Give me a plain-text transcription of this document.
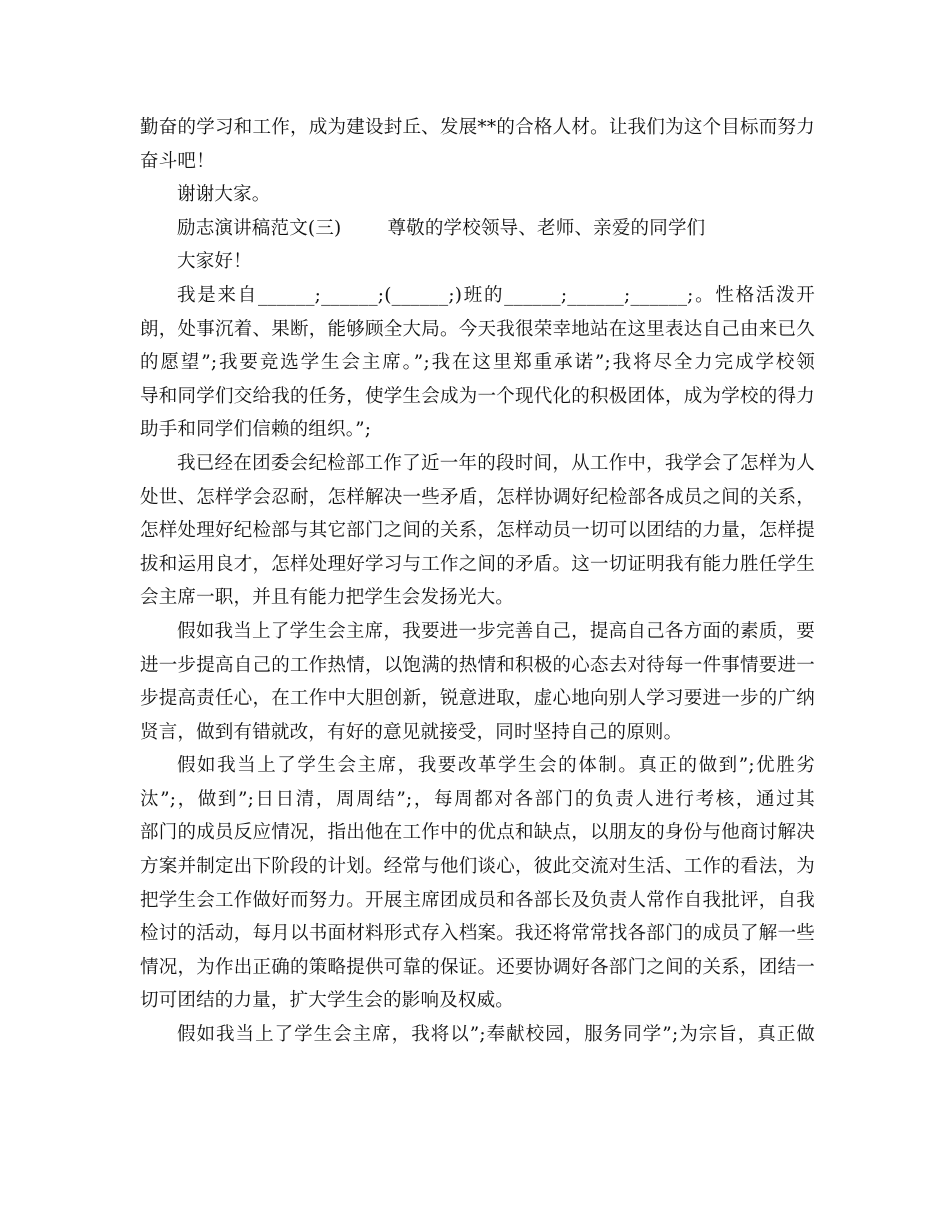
勤奋的学习和工作，成为建设封丘、发展**的合格人材。让我们为这个目标而努力
奋斗吧！
谢谢大家。
励志演讲稿范文(三) 尊敬的学校领导、老师、亲爱的同学们
大家好！
我是来自______;______;(______;)班的______;______;______;。性格活泼开
朗，处事沉着、果断，能够顾全大局。今天我很荣幸地站在这里表达自己由来已久
的愿望”;我要竞选学生会主席。”;我在这里郑重承诺”;我将尽全力完成学校领
导和同学们交给我的任务，使学生会成为一个现代化的积极团体，成为学校的得力
助手和同学们信赖的组织。”;
我已经在团委会纪检部工作了近一年的段时间，从工作中，我学会了怎样为人
处世、怎样学会忍耐，怎样解决一些矛盾，怎样协调好纪检部各成员之间的关系，
怎样处理好纪检部与其它部门之间的关系，怎样动员一切可以团结的力量，怎样提
拔和运用良才，怎样处理好学习与工作之间的矛盾。这一切证明我有能力胜任学生
会主席一职，并且有能力把学生会发扬光大。
假如我当上了学生会主席，我要进一步完善自己，提高自己各方面的素质，要
进一步提高自己的工作热情，以饱满的热情和积极的心态去对待每一件事情要进一
步提高责任心，在工作中大胆创新，锐意进取，虚心地向别人学习要进一步的广纳
贤言，做到有错就改，有好的意见就接受，同时坚持自己的原则。
假如我当上了学生会主席，我要改革学生会的体制。真正的做到”;优胜劣
汰”;，做到”;日日清，周周结”;，每周都对各部门的负责人进行考核，通过其
部门的成员反应情况，指出他在工作中的优点和缺点，以朋友的身份与他商讨解决
方案并制定出下阶段的计划。经常与他们谈心，彼此交流对生活、工作的看法，为
把学生会工作做好而努力。开展主席团成员和各部长及负责人常作自我批评，自我
检讨的活动，每月以书面材料形式存入档案。我还将常常找各部门的成员了解一些
情况，为作出正确的策略提供可靠的保证。还要协调好各部门之间的关系，团结一
切可团结的力量，扩大学生会的影响及权威。
假如我当上了学生会主席，我将以”;奉献校园，服务同学”;为宗旨，真正做
